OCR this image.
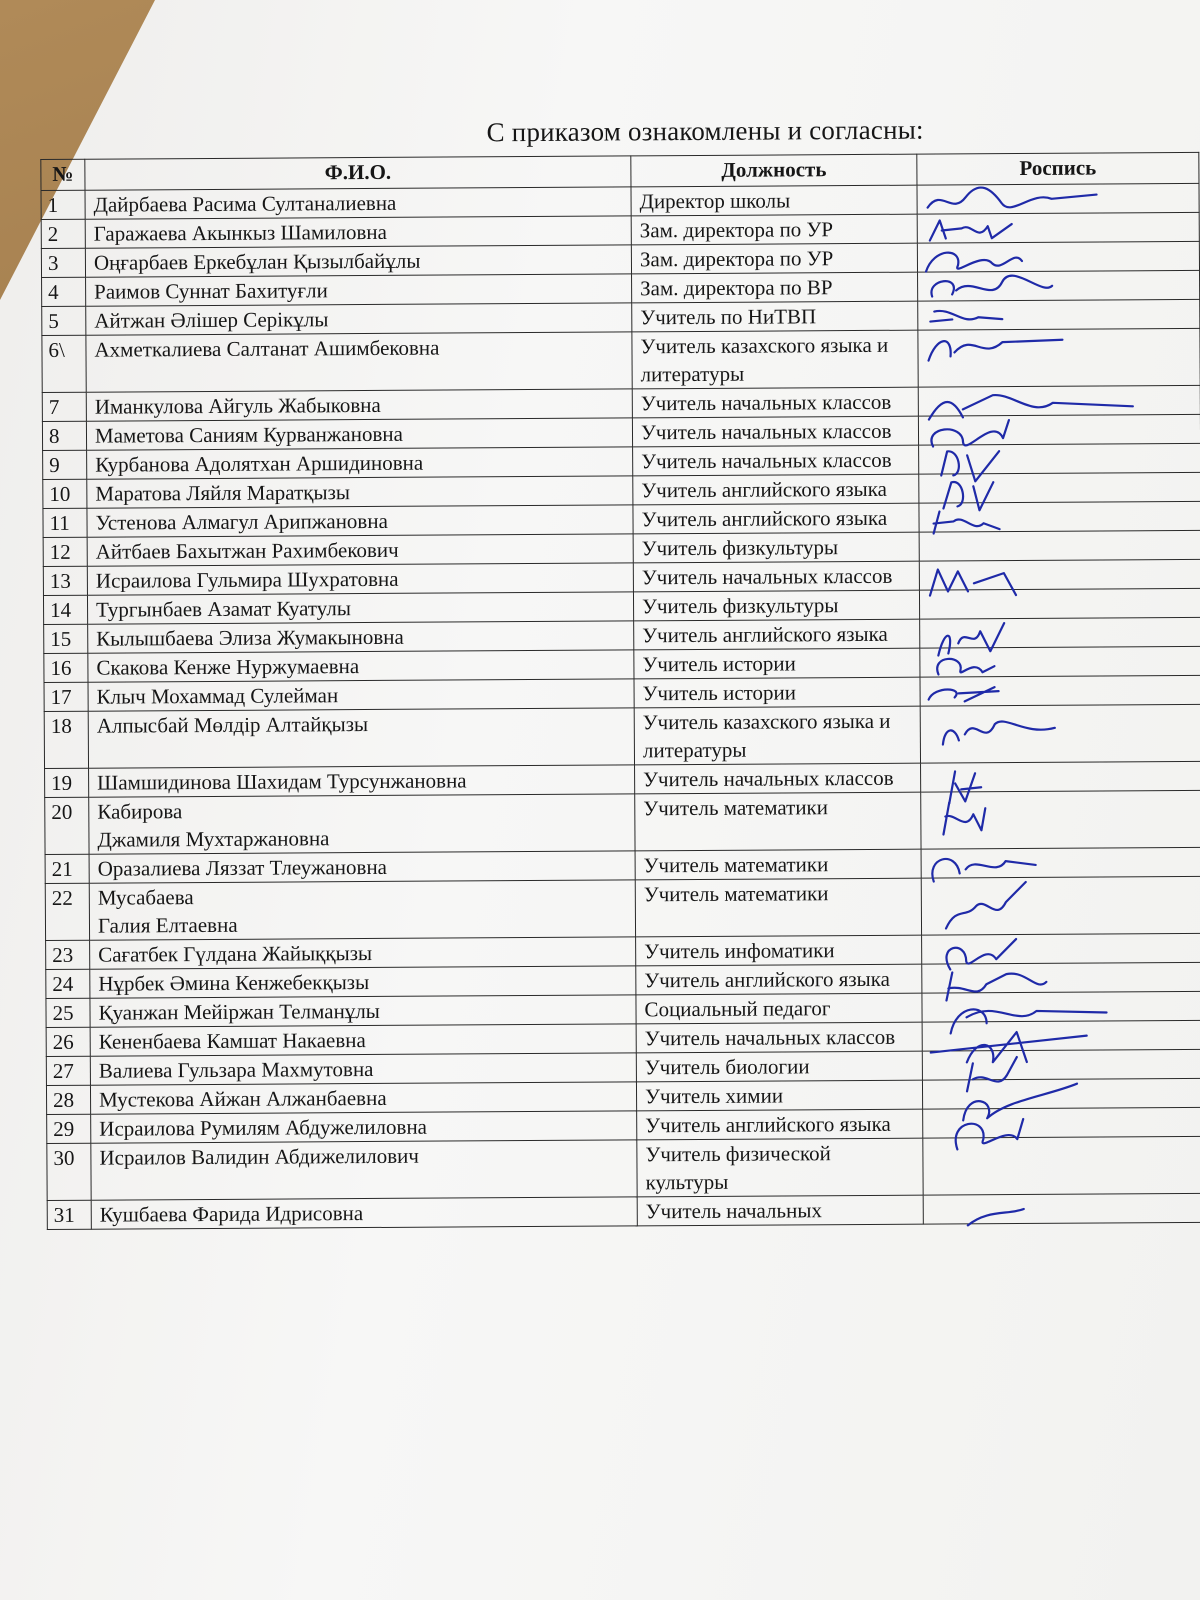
С приказом ознакомлены и согласны:
№	Ф.И.О.	Должность	Роспись
1	Дайрбаева Расима Султаналиевна	Директор школы	

2	Гаражаева Акынкыз Шамиловна	Зам. директора по УР	

3	Оңғарбаев Еркебұлан Қызылбайұлы	Зам. директора по УР	

4	Раимов Суннат Бахитуғли	Зам. директора по ВР	

5	Айтжан Әлішер Серікұлы	Учитель по НиТВП	

6\	Ахметкалиева Салтанат Ашимбековна	Учитель казахского языка и литературы	

7	Иманкулова Айгуль Жабыковна	Учитель начальных классов	

8	Маметова Саниям Курванжановна	Учитель начальных классов	

9	Курбанова Адолятхан Аршидиновна	Учитель начальных классов	

10	Маратова Ляйля Маратқызы	Учитель английского языка	

11	Устенова Алмагул Арипжановна	Учитель английского языка	

12	Айтбаев Бахытжан Рахимбекович	Учитель физкультуры	
13	Исраилова Гульмира Шухратовна	Учитель начальных классов	

14	Тургынбаев Азамат Куатулы	Учитель физкультуры	
15	Кылышбаева Элиза Жумакыновна	Учитель английского языка	

16	Скакова Кенже Нуржумаевна	Учитель истории	

17	Клыч Мохаммад Сулейман	Учитель истории	

18	Алпысбай Мөлдір Алтайқызы	Учитель казахского языка и литературы	

19	Шамшидинова Шахидам Турсунжановна	Учитель начальных классов	

20	Кабирова
Джамиля Мухтаржановна	Учитель математики	

21	Оразалиева Ляззат Тлеужановна	Учитель математики	

22	Мусабаева
Галия Елтаевна	Учитель математики	

23	Сағатбек Гүлдана Жайыққызы	Учитель инфоматики	

24	Нұрбек Әмина Кенжебекқызы	Учитель английского языка	

25	Қуанжан Мейіржан Телманұлы	Социальный педагог	

26	Кененбаева Камшат Накаевна	Учитель начальных классов	

27	Валиева Гульзара Махмутовна	Учитель биологии	

28	Мустекова Айжан Алжанбаевна	Учитель химии	

29	Исраилова Румилям Абдужелиловна	Учитель английского языка	

30	Исраилов Валидин Абдижелилович	Учитель физической культуры	
31	Кушбаева Фарида Идрисовна	Учитель начальных	
